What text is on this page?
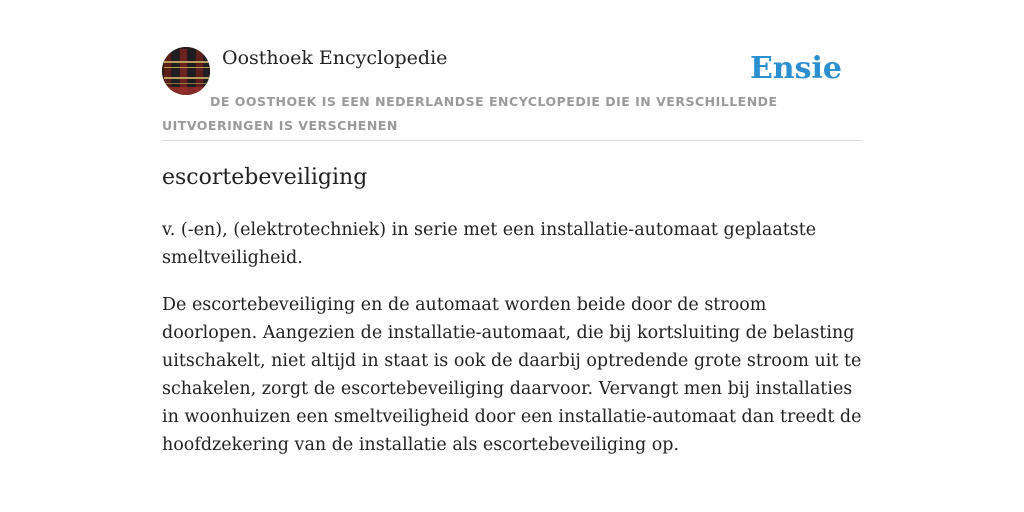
Oosthoek Encyclopedie	Ensie
DE OOSTHOEK IS EEN NEDERLANDSE ENCYCLOPEDIE DIE IN VERSCHILLENDE UITVOERINGEN IS VERSCHENEN
escortebeveiliging

v. (-en), (elektrotechniek) in serie met een installatie-automaat geplaatste smeltveiligheid.

De escortebeveiliging en de automaat worden beide door de stroom doorlopen. Aangezien de installatie-automaat, die bij kortsluiting de belasting uitschakelt, niet altijd in staat is ook de daarbij optredende grote stroom uit te schakelen, zorgt de escortebeveiliging daarvoor. Vervangt men bij installaties in woonhuizen een smeltveiligheid door een installatie-automaat dan treedt de hoofdzekering van de installatie als escortebeveiliging op.
